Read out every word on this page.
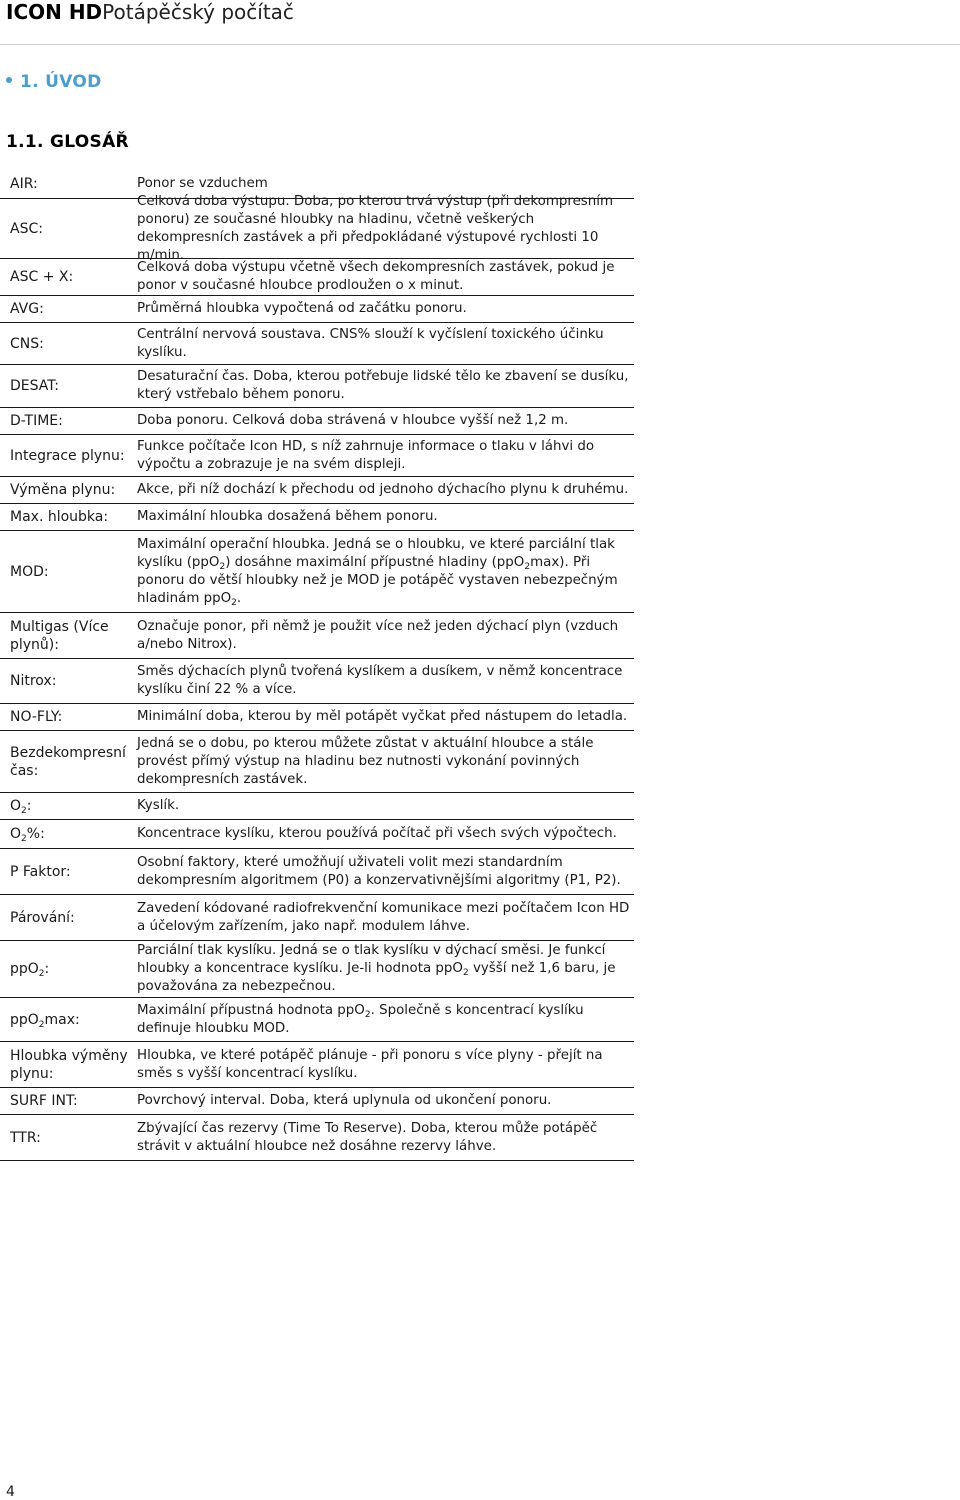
ICON HDPotápěčský počítač
1. ÚVOD
1.1. GLOSÁŘ
AIR:	Ponor se vzduchem
ASC:
Celková doba výstupu. Doba, po kterou trvá výstup (při dekompresním ponoru) ze současné hloubky na hladinu, včetně veškerých dekompresních zastávek a při předpokládané výstupové rychlosti 10 m/min.
ASC + X:
Celková doba výstupu včetně všech dekompresních zastávek, pokud je ponor v současné hloubce prodloužen o x minut.
AVG:	Průměrná hloubka vypočtená od začátku ponoru.
CNS:
Centrální nervová soustava. CNS% slouží k vyčíslení toxického účinku kyslíku.
DESAT:
Desaturační čas. Doba, kterou potřebuje lidské tělo ke zbavení se dusíku, který vstřebalo během ponoru.
D-TIME:	Doba ponoru. Celková doba strávená v hloubce vyšší než 1,2 m.
Integrace plynu:
Funkce počítače Icon HD, s níž zahrnuje informace o tlaku v láhvi do výpočtu a zobrazuje je na svém displeji.
Výměna plynu:	Akce, při níž dochází k přechodu od jednoho dýchacího plynu k druhému.
Max. hloubka:	Maximální hloubka dosažená během ponoru.
MOD:
Maximální operační hloubka. Jedná se o hloubku, ve které parciální tlak kyslíku (ppO$_2$) dosáhne maximální přípustné hladiny (ppO$_2$max). Při ponoru do větší hloubky než je MOD je potápěč vystaven nebezpečným hladinám ppO$_2$.
Multigas (Více plynů):
Označuje ponor, při němž je použit více než jeden dýchací plyn (vzduch a/nebo Nitrox).
Nitrox:
Směs dýchacích plynů tvořená kyslíkem a dusíkem, v němž koncentrace kyslíku činí 22 % a více.
NO-FLY:	Minimální doba, kterou by měl potápět vyčkat před nástupem do letadla.
Bezdekompresní čas:
Jedná se o dobu, po kterou můžete zůstat v aktuální hloubce a stále provést přímý výstup na hladinu bez nutnosti vykonání povinných dekompresních zastávek.
$O_2$:	Kyslík.
$O_2\%$:	Koncentrace kyslíku, kterou používá počítač při všech svých výpočtech.
P Faktor:
Osobní faktory, které umožňují uživateli volit mezi standardním dekompresním algoritmem (P0) a konzervativnějšími algoritmy (P1, P2).
Párování:
Zavedení kódované radiofrekvenční komunikace mezi počítačem Icon HD a účelovým zařízením, jako např. modulem láhve.
ppO$_2$:
Parciální tlak kyslíku. Jedná se o tlak kyslíku v dýchací směsi. Je funkcí hloubky a koncentrace kyslíku. Je-li hodnota ppO$_2$ vyšší než 1,6 baru, je považována za nebezpečnou.
ppO$_2$max:
Maximální přípustná hodnota ppO$_2$. Společně s koncentrací kyslíku definuje hloubku MOD.
Hloubka výměny plynu:
Hloubka, ve které potápěč plánuje - při ponoru s více plyny - přejít na směs s vyšší koncentrací kyslíku.
SURF INT:	Povrchový interval. Doba, která uplynula od ukončení ponoru.
TTR:
Zbývající čas rezervy (Time To Reserve). Doba, kterou může potápěč strávit v aktuální hloubce než dosáhne rezervy láhve.
4
